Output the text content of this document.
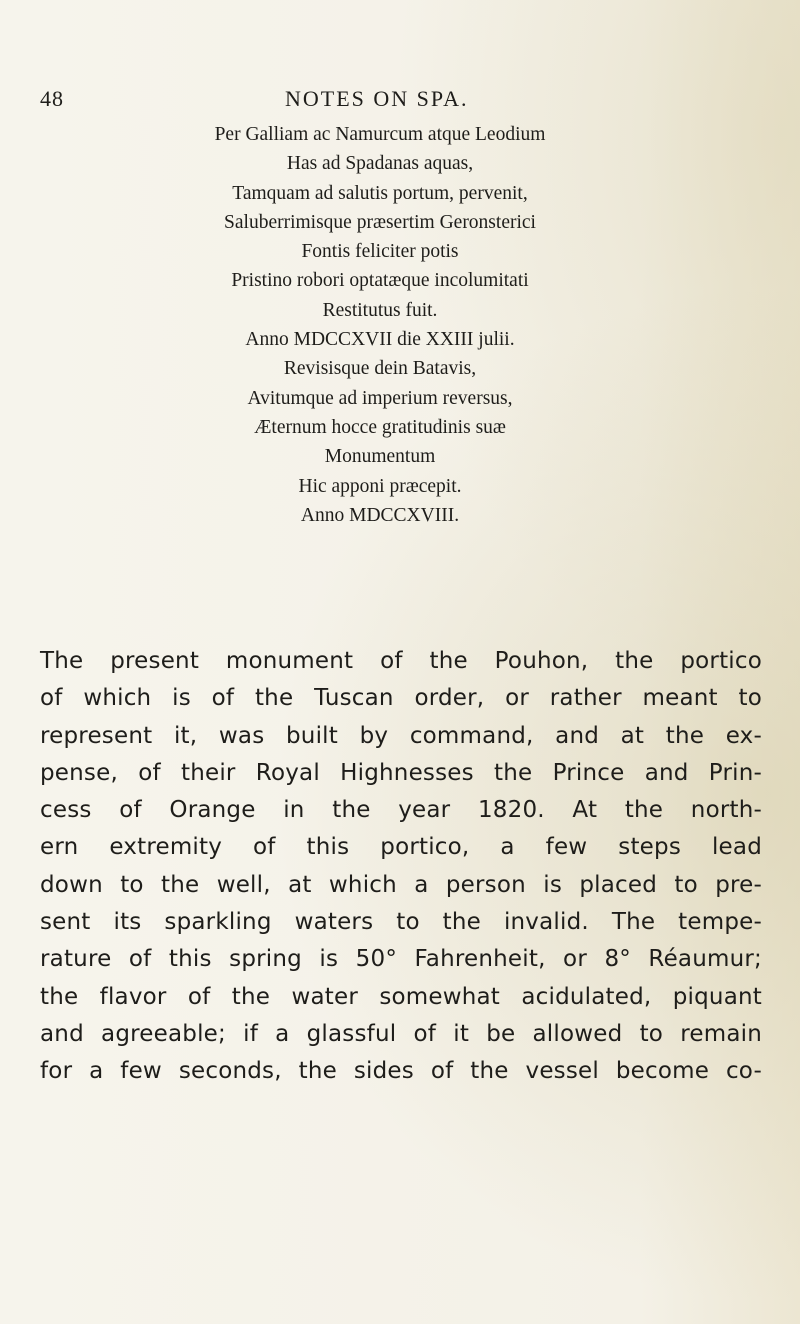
48	NOTES ON SPA.
Per Galliam ac Namurcum atque Leodium
Has ad Spadanas aquas,
Tamquam ad salutis portum, pervenit,
Saluberrimisque præsertim Geronsterici
Fontis feliciter potis
Pristino robori optatæque incolumitati
Restitutus fuit.
Anno MDCCXVII die XXIII julii.
Revisisque dein Batavis,
Avitumque ad imperium reversus,
Æternum hocce gratitudinis suæ
Monumentum
Hic apponi præcepit.
Anno MDCCXVIII.
The present monument of the Pouhon, the portico
of which is of the Tuscan order, or rather meant to
represent it, was built by command, and at the ex-
pense, of their Royal Highnesses the Prince and Prin-
cess of Orange in the year 1820. At the north-
ern extremity of this portico, a few steps lead
down to the well, at which a person is placed to pre-
sent its sparkling waters to the invalid. The tempe-
rature of this spring is 50° Fahrenheit, or 8° Réaumur;
the flavor of the water somewhat acidulated, piquant
and agreeable; if a glassful of it be allowed to remain
for a few seconds, the sides of the vessel become co-
